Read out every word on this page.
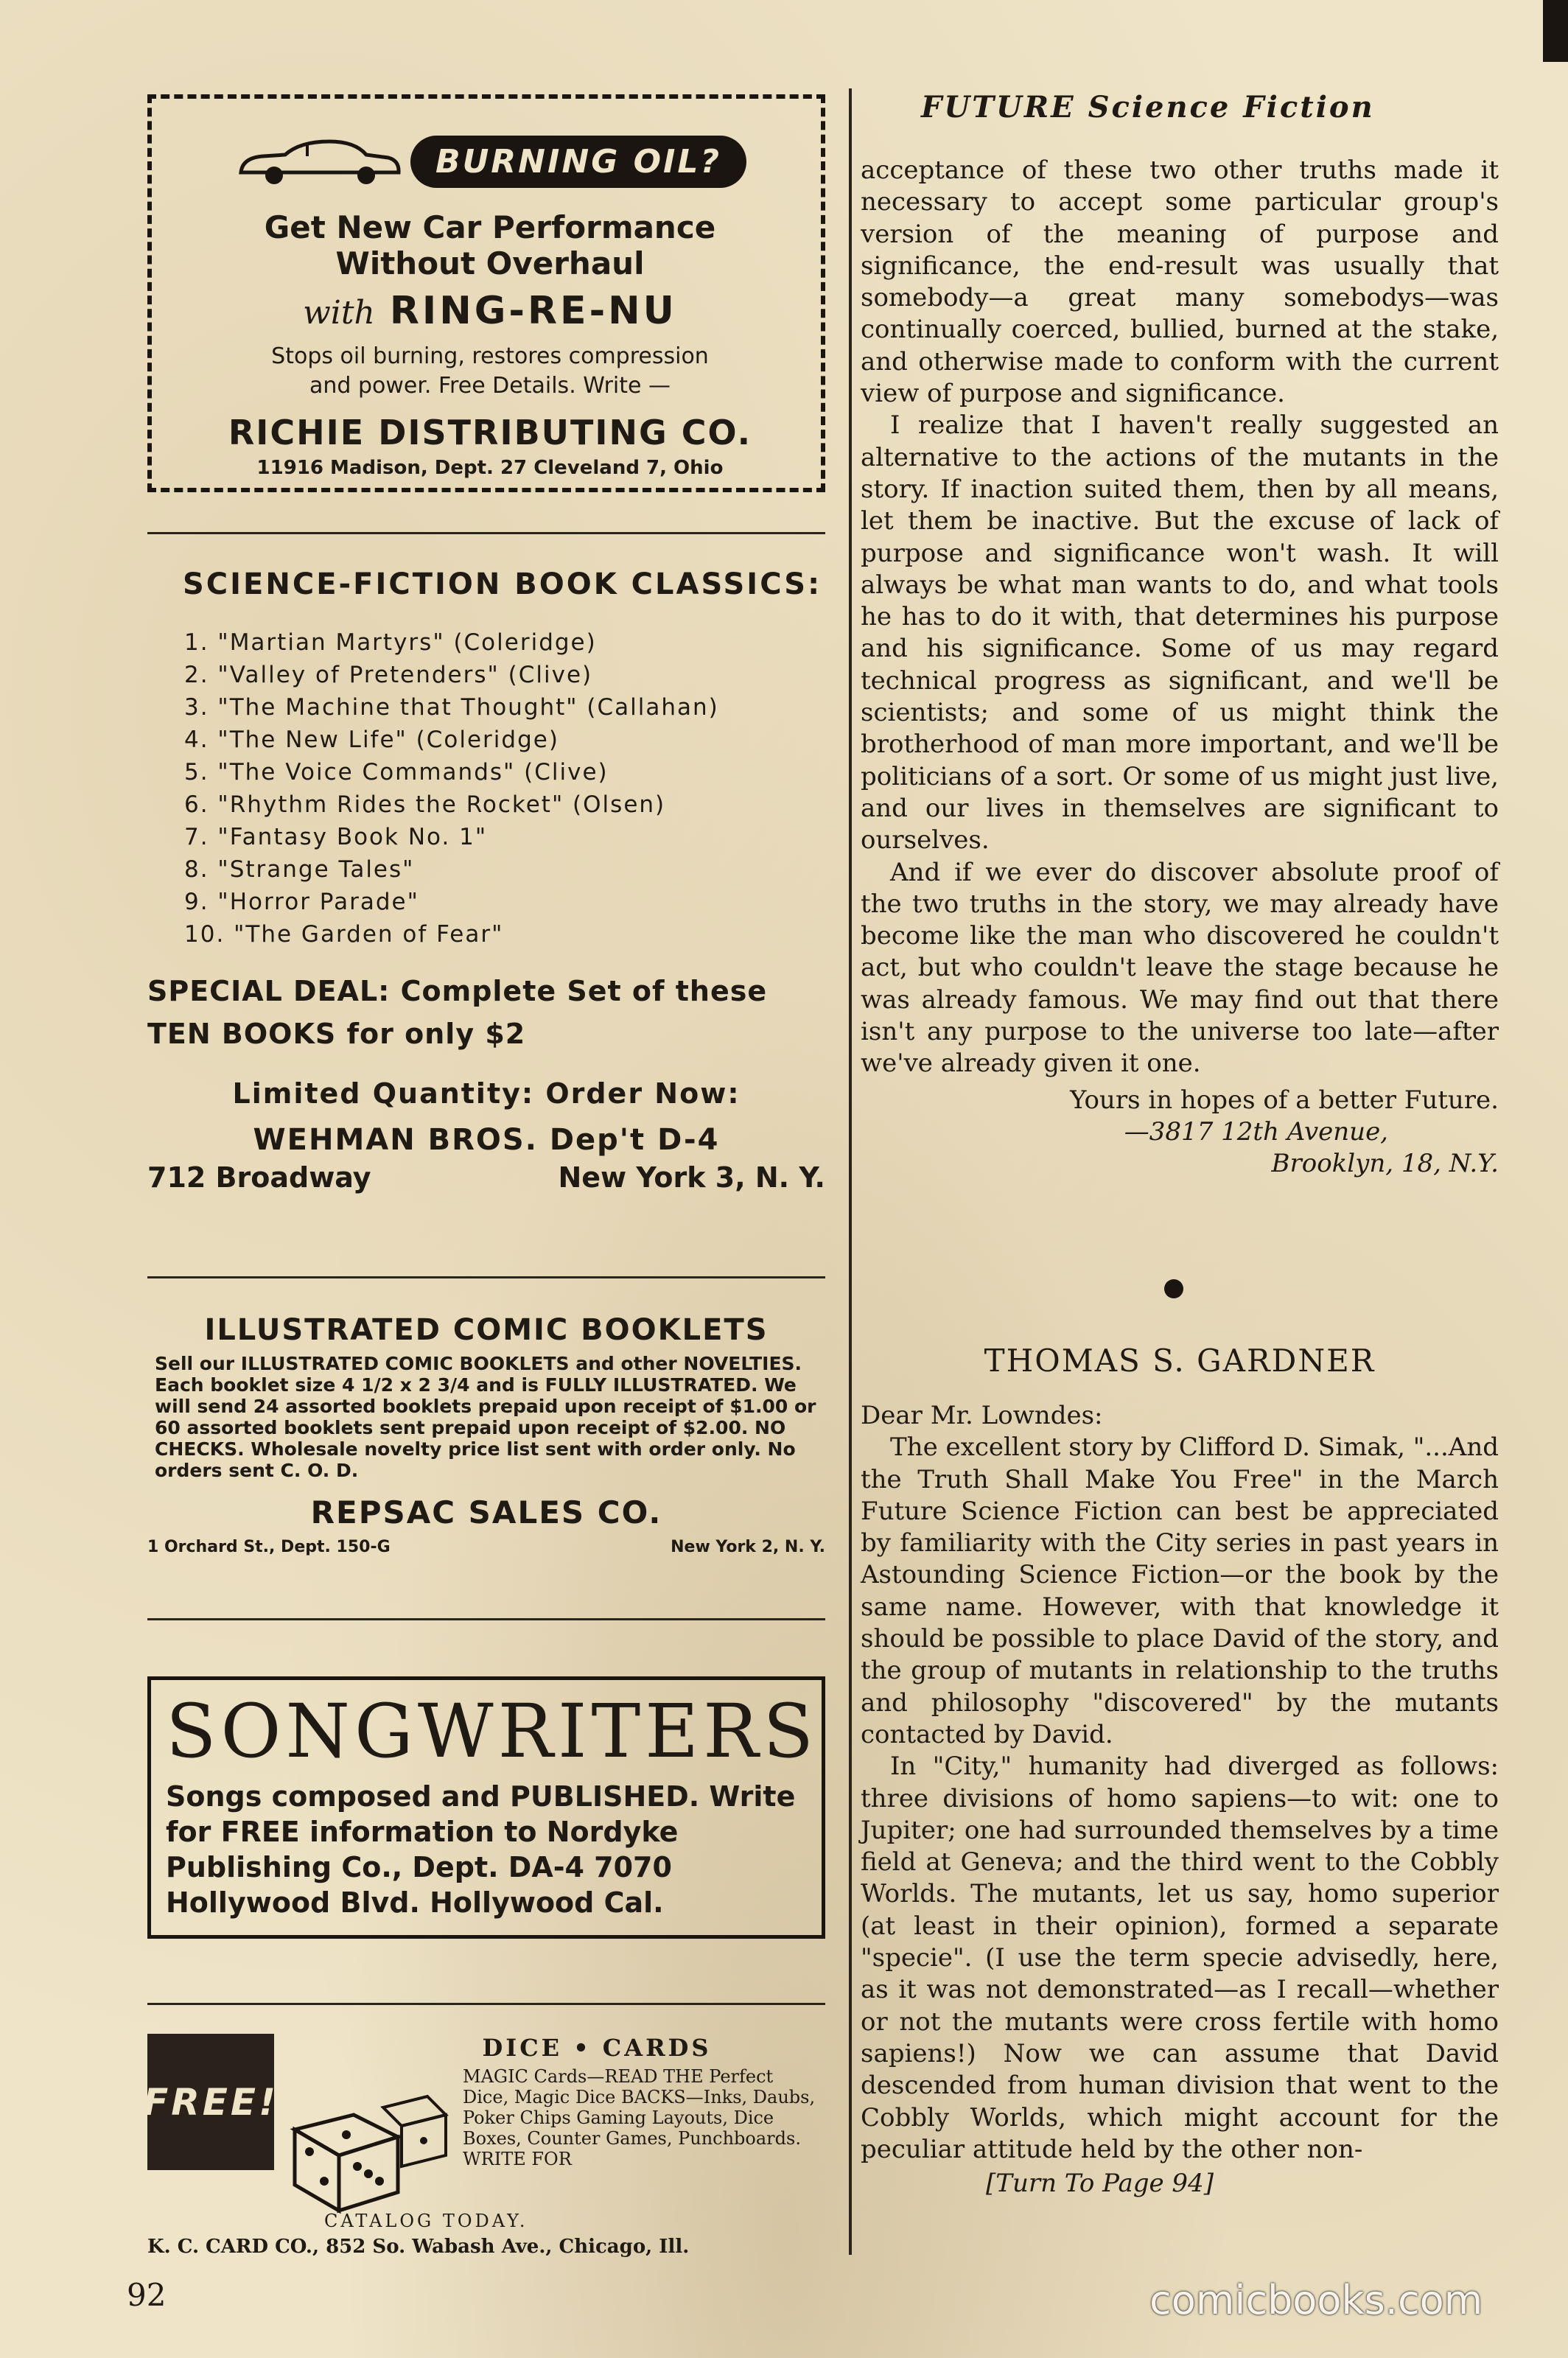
BURNING OIL?
Get New Car Performance
Without Overhaul
with RING-RE-NU
Stops oil burning, restores compression
and power. Free Details. Write —
RICHIE DISTRIBUTING CO.
11916 Madison, Dept. 27 Cleveland 7, Ohio
SCIENCE-FICTION BOOK CLASSICS:
1. "Martian Martyrs" (Coleridge)
2. "Valley of Pretenders" (Clive)
3. "The Machine that Thought" (Callahan)
4. "The New Life" (Coleridge)
5. "The Voice Commands" (Clive)
6. "Rhythm Rides the Rocket" (Olsen)
7. "Fantasy Book No. 1"
8. "Strange Tales"
9. "Horror Parade"
10. "The Garden of Fear"
SPECIAL DEAL: Complete Set of these
TEN BOOKS for only $2
Limited Quantity: Order Now:
WEHMAN BROS. Dep't D-4
712 Broadway	New York 3, N. Y.
ILLUSTRATED COMIC BOOKLETS
Sell our ILLUSTRATED COMIC BOOKLETS and other NOVELTIES. Each booklet size 4 1/2 x 2 3/4 and is FULLY ILLUSTRATED. We will send 24 assorted booklets prepaid upon receipt of $1.00 or 60 assorted booklets sent prepaid upon receipt of $2.00. NO CHECKS. Wholesale novelty price list sent with order only. No orders sent C. O. D.
REPSAC SALES CO.
1 Orchard St., Dept. 150-G	New York 2, N. Y.
SONGWRITERS
Songs composed and PUBLISHED. Write for FREE information to Nordyke Publishing Co., Dept. DA-4 7070 Hollywood Blvd. Hollywood Cal.
FREE!
DICE • CARDS
MAGIC Cards—READ THE Perfect Dice, Magic Dice BACKS—Inks, Daubs, Poker Chips Gaming Layouts, Dice Boxes, Counter Games, Punchboards. WRITE FOR
CATALOG TODAY.
K. C. CARD CO., 852 So. Wabash Ave., Chicago, Ill.
92
FUTURE Science Fiction

acceptance of these two other truths made it necessary to accept some particular group's version of the meaning of purpose and significance, the end-result was usually that somebody—a great many somebodys—was continually coerced, bullied, burned at the stake, and otherwise made to conform with the current view of purpose and significance.

I realize that I haven't really suggested an alternative to the actions of the mutants in the story. If inaction suited them, then by all means, let them be inactive. But the excuse of lack of purpose and significance won't wash. It will always be what man wants to do, and what tools he has to do it with, that determines his purpose and his significance. Some of us may regard technical progress as significant, and we'll be scientists; and some of us might think the brotherhood of man more important, and we'll be politicians of a sort. Or some of us might just live, and our lives in themselves are significant to ourselves.

And if we ever do discover absolute proof of the two truths in the story, we may already have become like the man who discovered he couldn't act, but who couldn't leave the stage because he was already famous. We may find out that there isn't any purpose to the universe too late—after we've already given it one.

Yours in hopes of a better Future.
—3817 12th Avenue,
Brooklyn, 18, N.Y.
THOMAS S. GARDNER

Dear Mr. Lowndes:

The excellent story by Clifford D. Simak, "...And the Truth Shall Make You Free" in the March Future Science Fiction can best be appreciated by familiarity with the City series in past years in Astounding Science Fiction—or the book by the same name. However, with that knowledge it should be possible to place David of the story, and the group of mutants in relationship to the truths and philosophy "discovered" by the mutants contacted by David.

In "City," humanity had diverged as follows: three divisions of homo sapiens—to wit: one to Jupiter; one had surrounded themselves by a time field at Geneva; and the third went to the Cobbly Worlds. The mutants, let us say, homo superior (at least in their opinion), formed a separate "specie". (I use the term specie advisedly, here, as it was not demonstrated—as I recall—whether or not the mutants were cross fertile with homo sapiens!) Now we can assume that David descended from human division that went to the Cobbly Worlds, which might account for the peculiar attitude held by the other non-

[Turn To Page 94]
comicbooks.com
